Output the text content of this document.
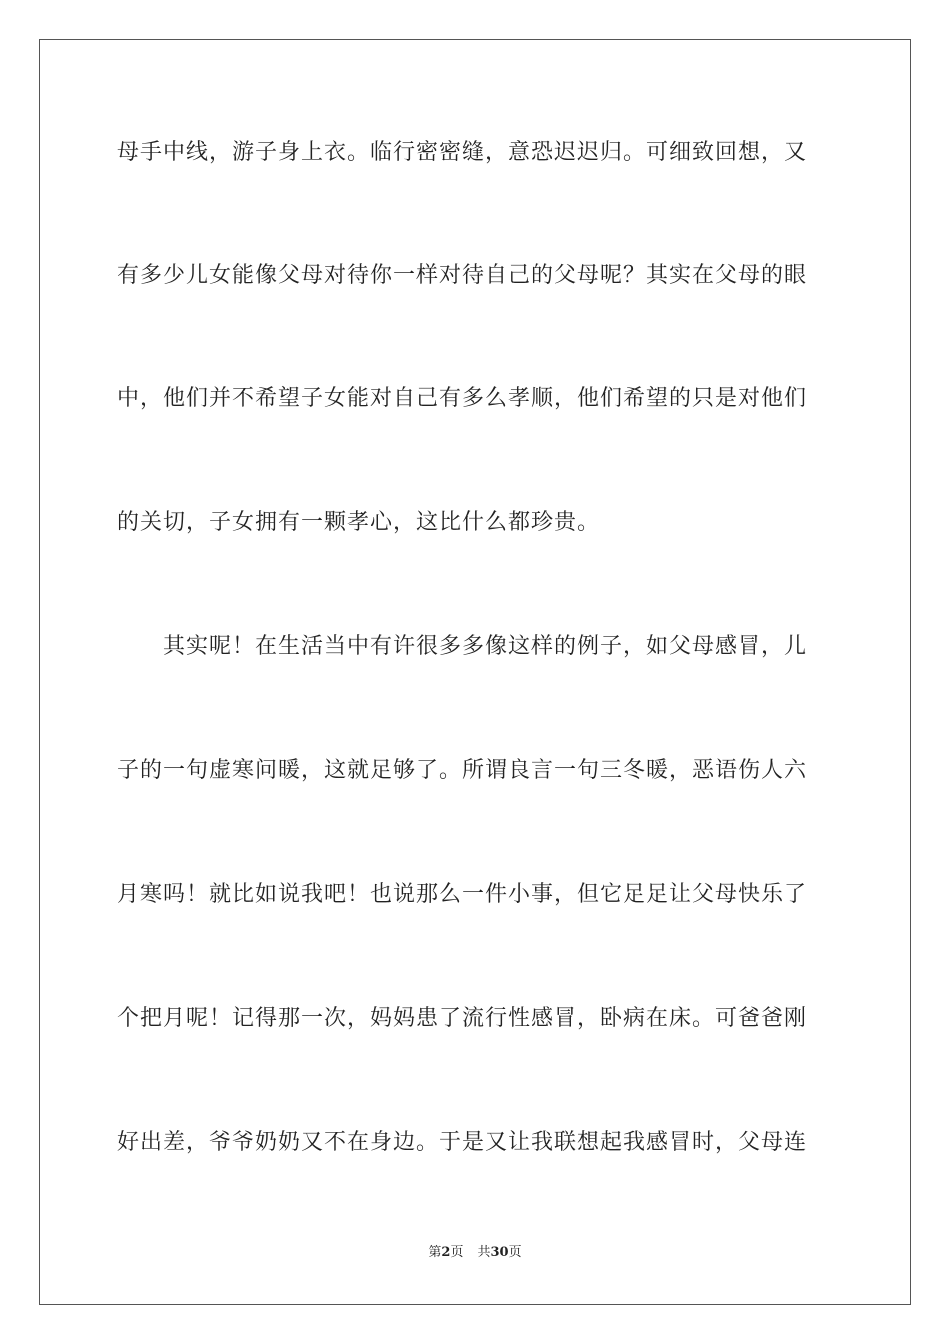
母手中线，游子身上衣。临行密密缝，意恐迟迟归。可细致回想，又
有多少儿女能像父母对待你一样对待自己的父母呢？其实在父母的眼
中，他们并不希望子女能对自己有多么孝顺，他们希望的只是对他们
的关切，子女拥有一颗孝心，这比什么都珍贵。
其实呢！在生活当中有许很多多像这样的例子，如父母感冒，儿
子的一句虚寒问暖，这就足够了。所谓良言一句三冬暖，恶语伤人六
月寒吗！就比如说我吧！也说那么一件小事，但它足足让父母快乐了
个把月呢！记得那一次，妈妈患了流行性感冒，卧病在床。可爸爸刚
好出差，爷爷奶奶又不在身边。于是又让我联想起我感冒时，父母连
第2页 共30页
